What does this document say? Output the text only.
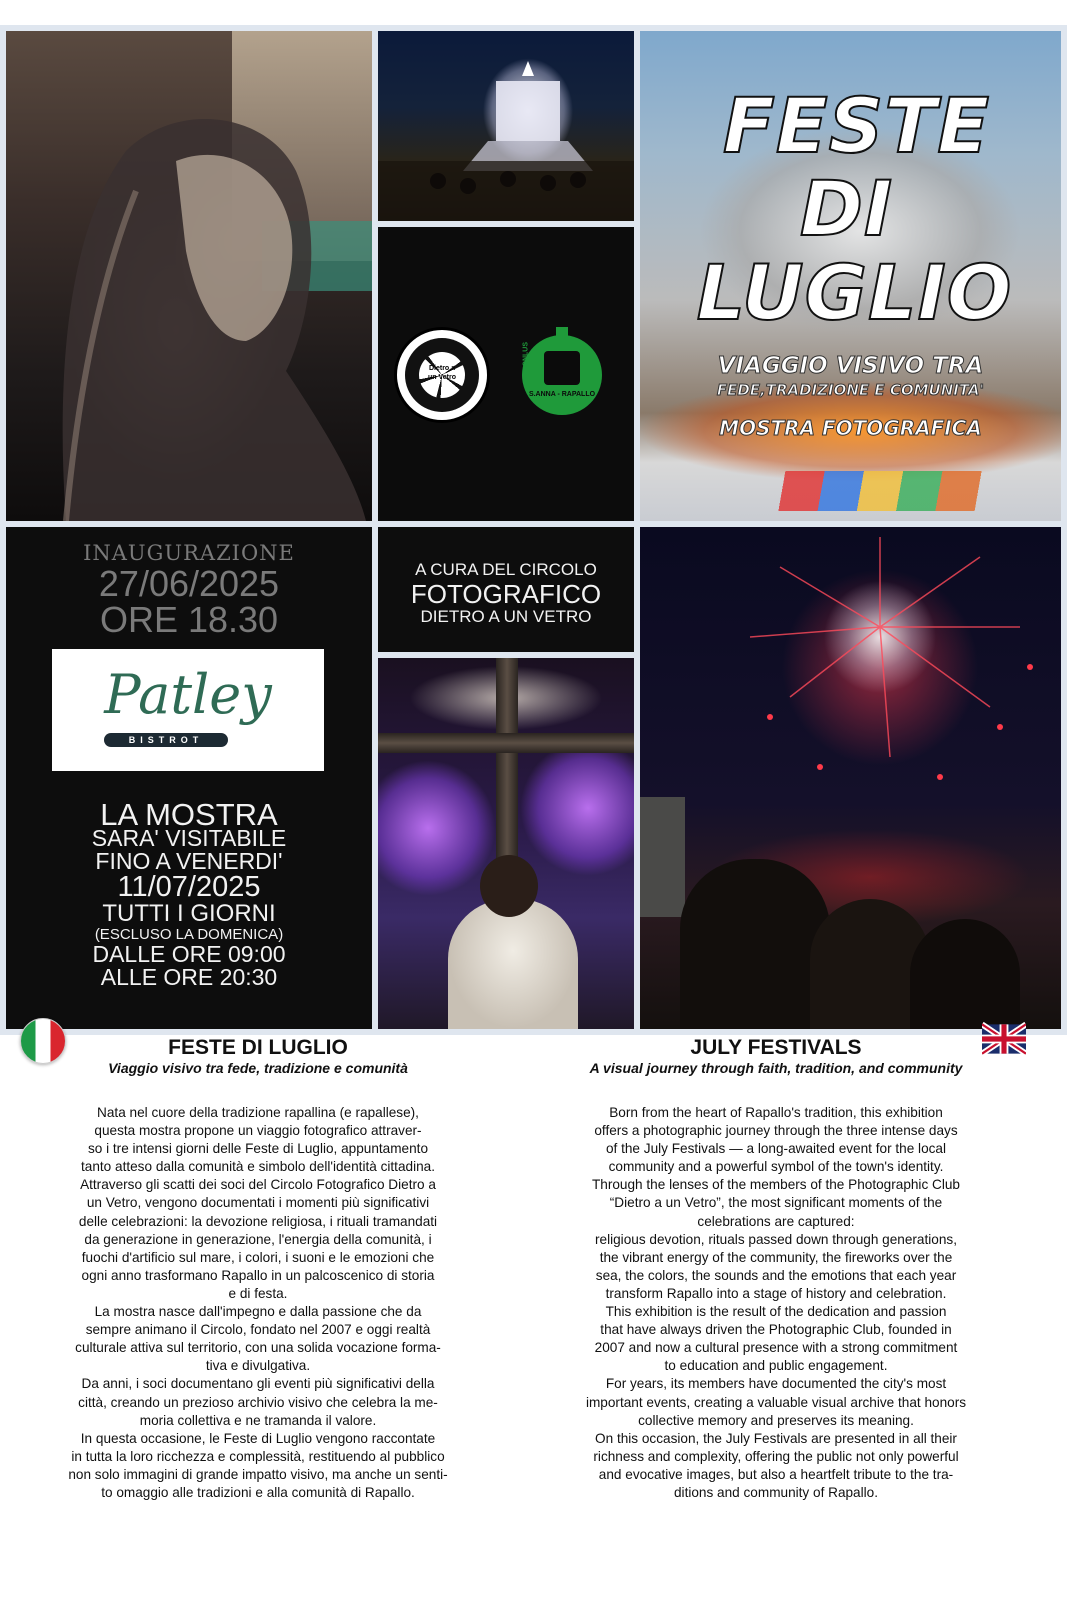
Dietro a un Vetro
ONLUS
S.ANNA - RAPALLO
FESTE
DI
LUGLIO
VIAGGIO VISIVO TRA
FEDE,TRADIZIONE E COMUNITA'
MOSTRA FOTOGRAFICA
INAUGURAZIONE
27/06/2025
ORE 18.30
Patley
BISTROT
LA MOSTRA
SARA' VISITABILE
FINO A VENERDI'
11/07/2025
TUTTI I GIORNI
(ESCLUSO LA DOMENICA)
DALLE ORE 09:00
ALLE ORE 20:30
A CURA DEL CIRCOLO
FOTOGRAFICO
DIETRO A UN VETRO
FESTE DI LUGLIO
Viaggio visivo tra fede, tradizione e comunità
Nata nel cuore della tradizione rapallina (e rapallese),
questa mostra propone un viaggio fotografico attraver-
so i tre intensi giorni delle Feste di Luglio, appuntamento
tanto atteso dalla comunità e simbolo dell'identità cittadina.
Attraverso gli scatti dei soci del Circolo Fotografico Dietro a
un Vetro, vengono documentati i momenti più significativi
delle celebrazioni: la devozione religiosa, i rituali tramandati
da generazione in generazione, l'energia della comunità, i
fuochi d'artificio sul mare, i colori, i suoni e le emozioni che
ogni anno trasformano Rapallo in un palcoscenico di storia
e di festa.
La mostra nasce dall'impegno e dalla passione che da
sempre animano il Circolo, fondato nel 2007 e oggi realtà
culturale attiva sul territorio, con una solida vocazione forma-
tiva e divulgativa.
Da anni, i soci documentano gli eventi più significativi della
città, creando un prezioso archivio visivo che celebra la me-
moria collettiva e ne tramanda il valore.
In questa occasione, le Feste di Luglio vengono raccontate
in tutta la loro ricchezza e complessità, restituendo al pubblico
non solo immagini di grande impatto visivo, ma anche un senti-
to omaggio alle tradizioni e alla comunità di Rapallo.
JULY FESTIVALS
A visual journey through faith, tradition, and community
Born from the heart of Rapallo's tradition, this exhibition
offers a photographic journey through the three intense days
of the July Festivals — a long-awaited event for the local
community and a powerful symbol of the town's identity.
Through the lenses of the members of the Photographic Club
“Dietro a un Vetro”, the most significant moments of the
celebrations are captured:
religious devotion, rituals passed down through generations,
the vibrant energy of the community, the fireworks over the
sea, the colors, the sounds and the emotions that each year
transform Rapallo into a stage of history and celebration.
This exhibition is the result of the dedication and passion
that have always driven the Photographic Club, founded in
2007 and now a cultural presence with a strong commitment
to education and public engagement.
For years, its members have documented the city's most
important events, creating a valuable visual archive that honors
collective memory and preserves its meaning.
On this occasion, the July Festivals are presented in all their
richness and complexity, offering the public not only powerful
and evocative images, but also a heartfelt tribute to the tra-
ditions and community of Rapallo.
